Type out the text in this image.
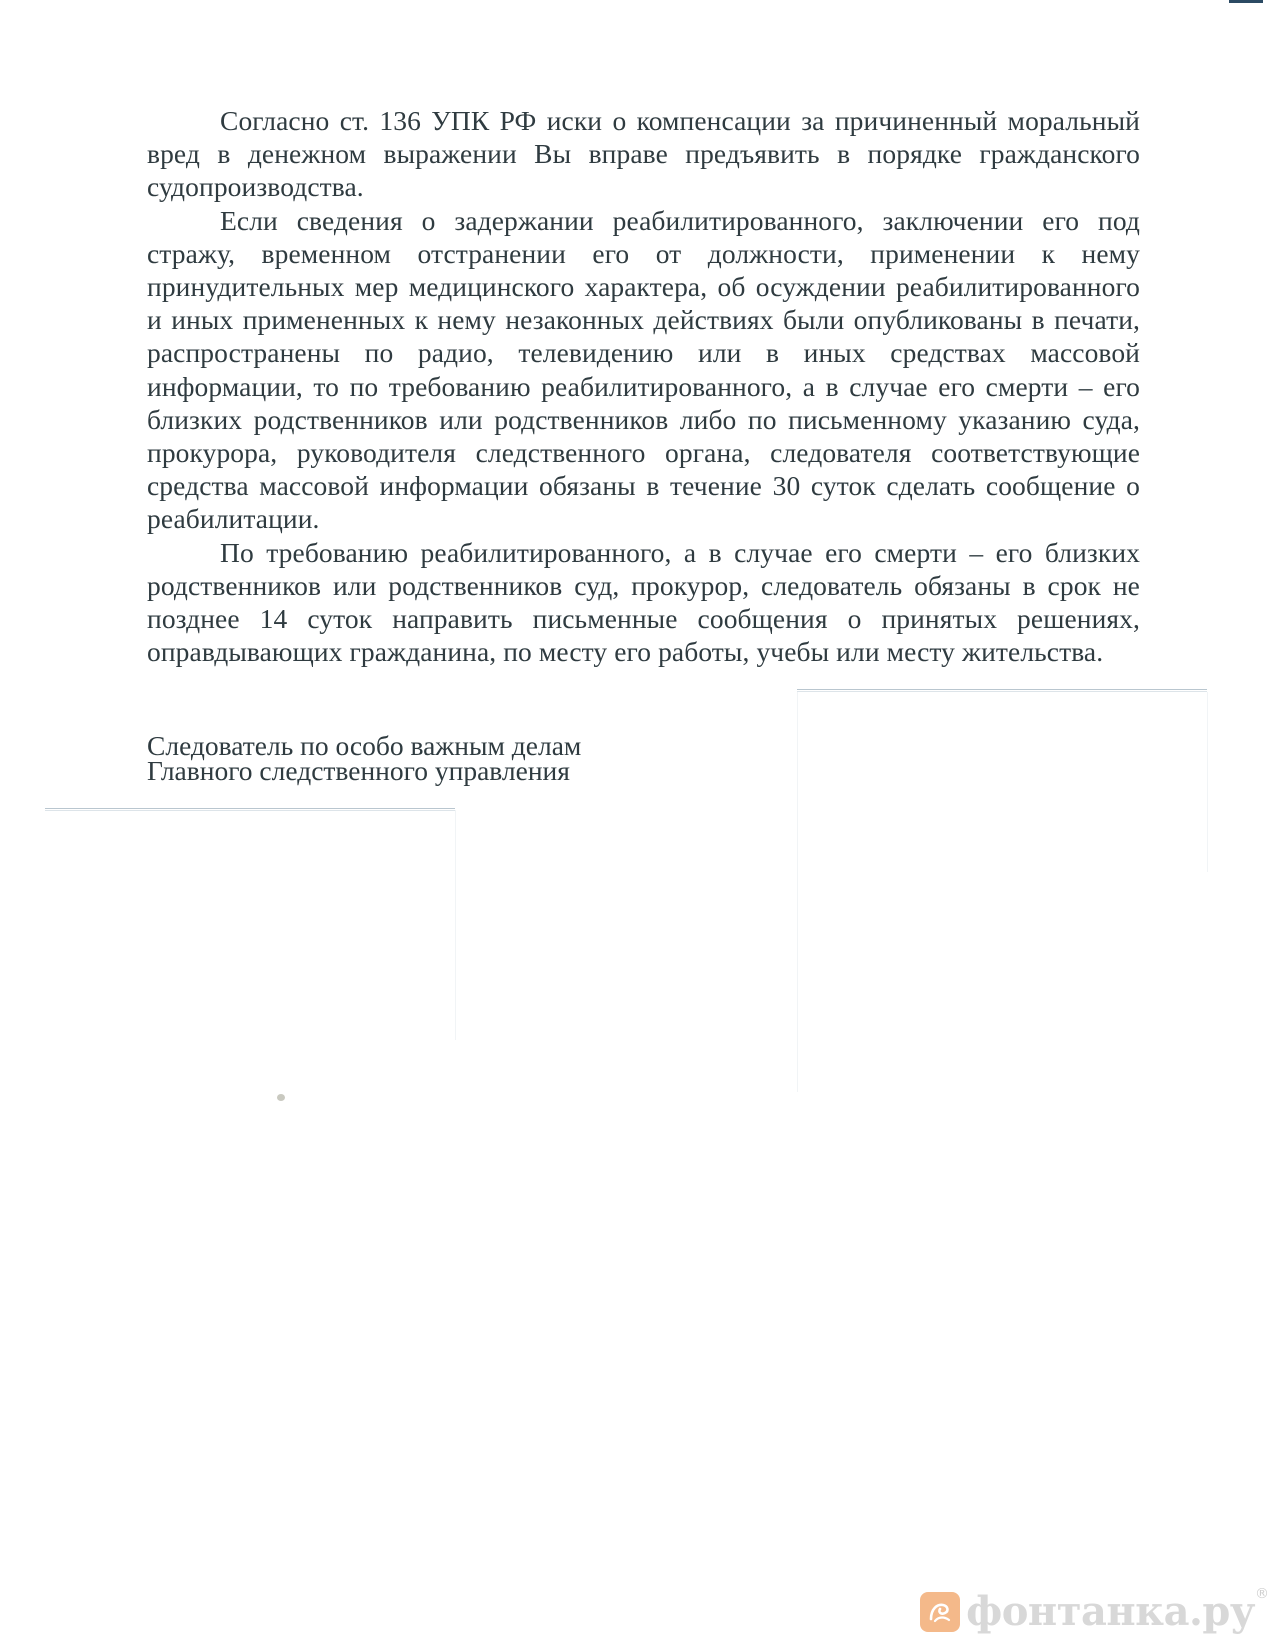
Согласно ст. 136 УПК РФ иски о компенсации за причиненный моральный вред в денежном выражении Вы вправе предъявить в порядке гражданского судопроизводства.

Если сведения о задержании реабилитированного, заключении его под стражу, временном отстранении его от должности, применении к нему принудительных мер медицинского характера, об осуждении реабилитированного и иных примененных к нему незаконных действиях были опубликованы в печати, распространены по радио, телевидению или в иных средствах массовой информации, то по требованию реабилитированного, а в случае его смерти – его близких родственников или родственников либо по письменному указанию суда, прокурора, руководителя следственного органа, следователя соответствующие средства массовой информации обязаны в течение 30 суток сделать сообщение о реабилитации.

По требованию реабилитированного, а в случае его смерти – его близких родственников или родственников суд, прокурор, следователь обязаны в срок не позднее 14 суток направить письменные сообщения о принятых решениях, оправдывающих гражданина, по месту его работы, учебы или месту жительства.

Следователь по особо важным делам
Главного следственного управления
фонтанка.ру ®
